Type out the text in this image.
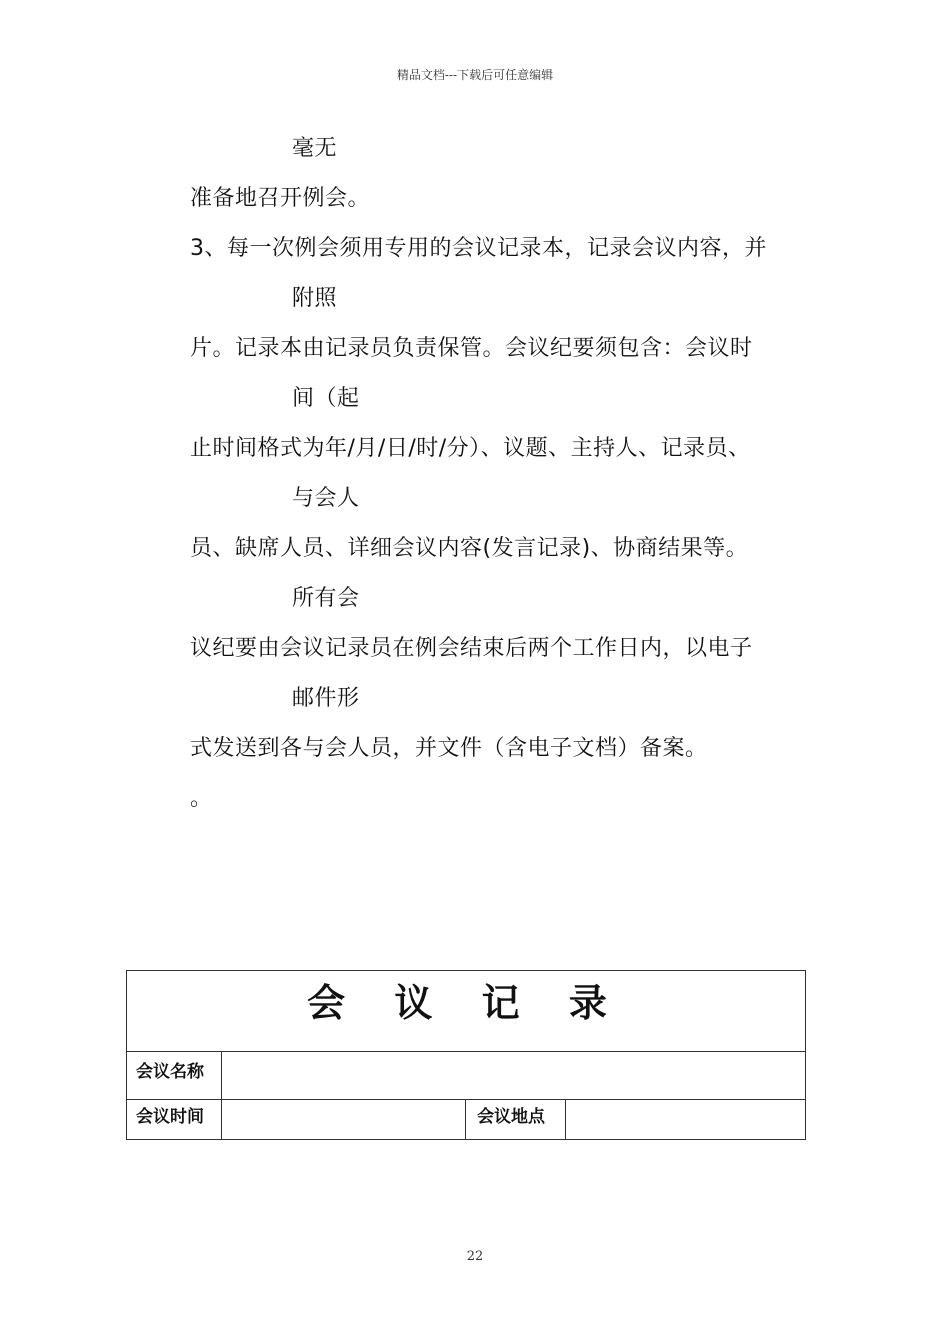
精品文档---下载后可任意编辑
毫无
准备地召开例会。
3、每一次例会须用专用的会议记录本，记录会议内容，并
附照
片。记录本由记录员负责保管。会议纪要须包含：会议时
间（起
止时间格式为年/月/日/时/分）、议题、主持人、记录员、
与会人
员、缺席人员、详细会议内容(发言记录)、协商结果等。
所有会
议纪要由会议记录员在例会结束后两个工作日内，以电子
邮件形
式发送到各与会人员，并文件（含电子文档）备案。
。
会 议 记 录
会议名称
会议时间	会议地点
22
